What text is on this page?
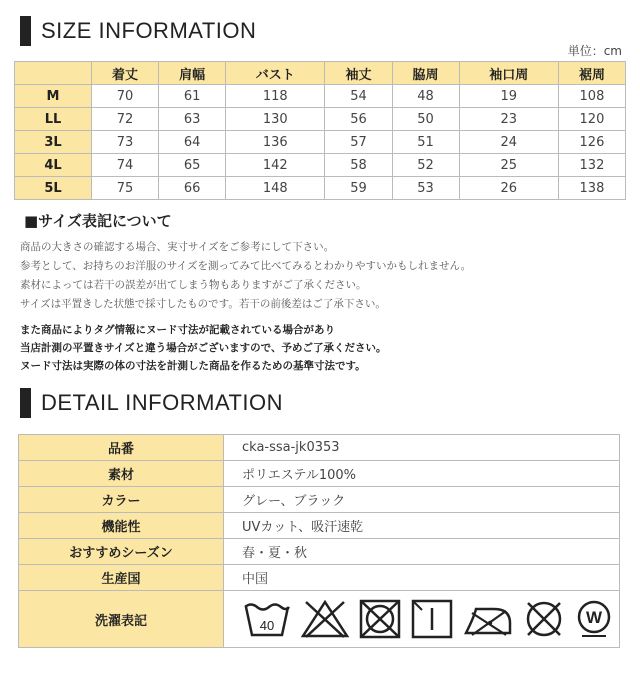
SIZE INFORMATION
単位：cm
	着丈	肩幅	バスト	袖丈	脇周	袖口周	裾周
M	70	61	118	54	48	19	108
LL	72	63	130	56	50	23	120
3L	73	64	136	57	51	24	126
4L	74	65	142	58	52	25	132
5L	75	66	148	59	53	26	138
■サイズ表記について

商品の大きさの確認する場合、実寸サイズをご参考にして下さい。

参考として、お持ちのお洋服のサイズを測ってみて比べてみるとわかりやすいかもしれません。

素材によっては若干の誤差が出てしまう物もありますがご了承ください。

サイズは平置きした状態で採寸したものです。若干の前後差はご了承下さい。

また商品によりタグ情報にヌード寸法が記載されている場合があり

当店計測の平置きサイズと違う場合がございますので、予めご了承ください。

ヌード寸法は実際の体の寸法を計測した商品を作るための基準寸法です。

DETAIL INFORMATION
品番	cka-ssa-jk0353
素材	ポリエステル100%
カラー	グレー、ブラック
機能性	UVカット、吸汗速乾
おすすめシーズン	春・夏・秋
生産国	中国
洗濯表記	40 W
